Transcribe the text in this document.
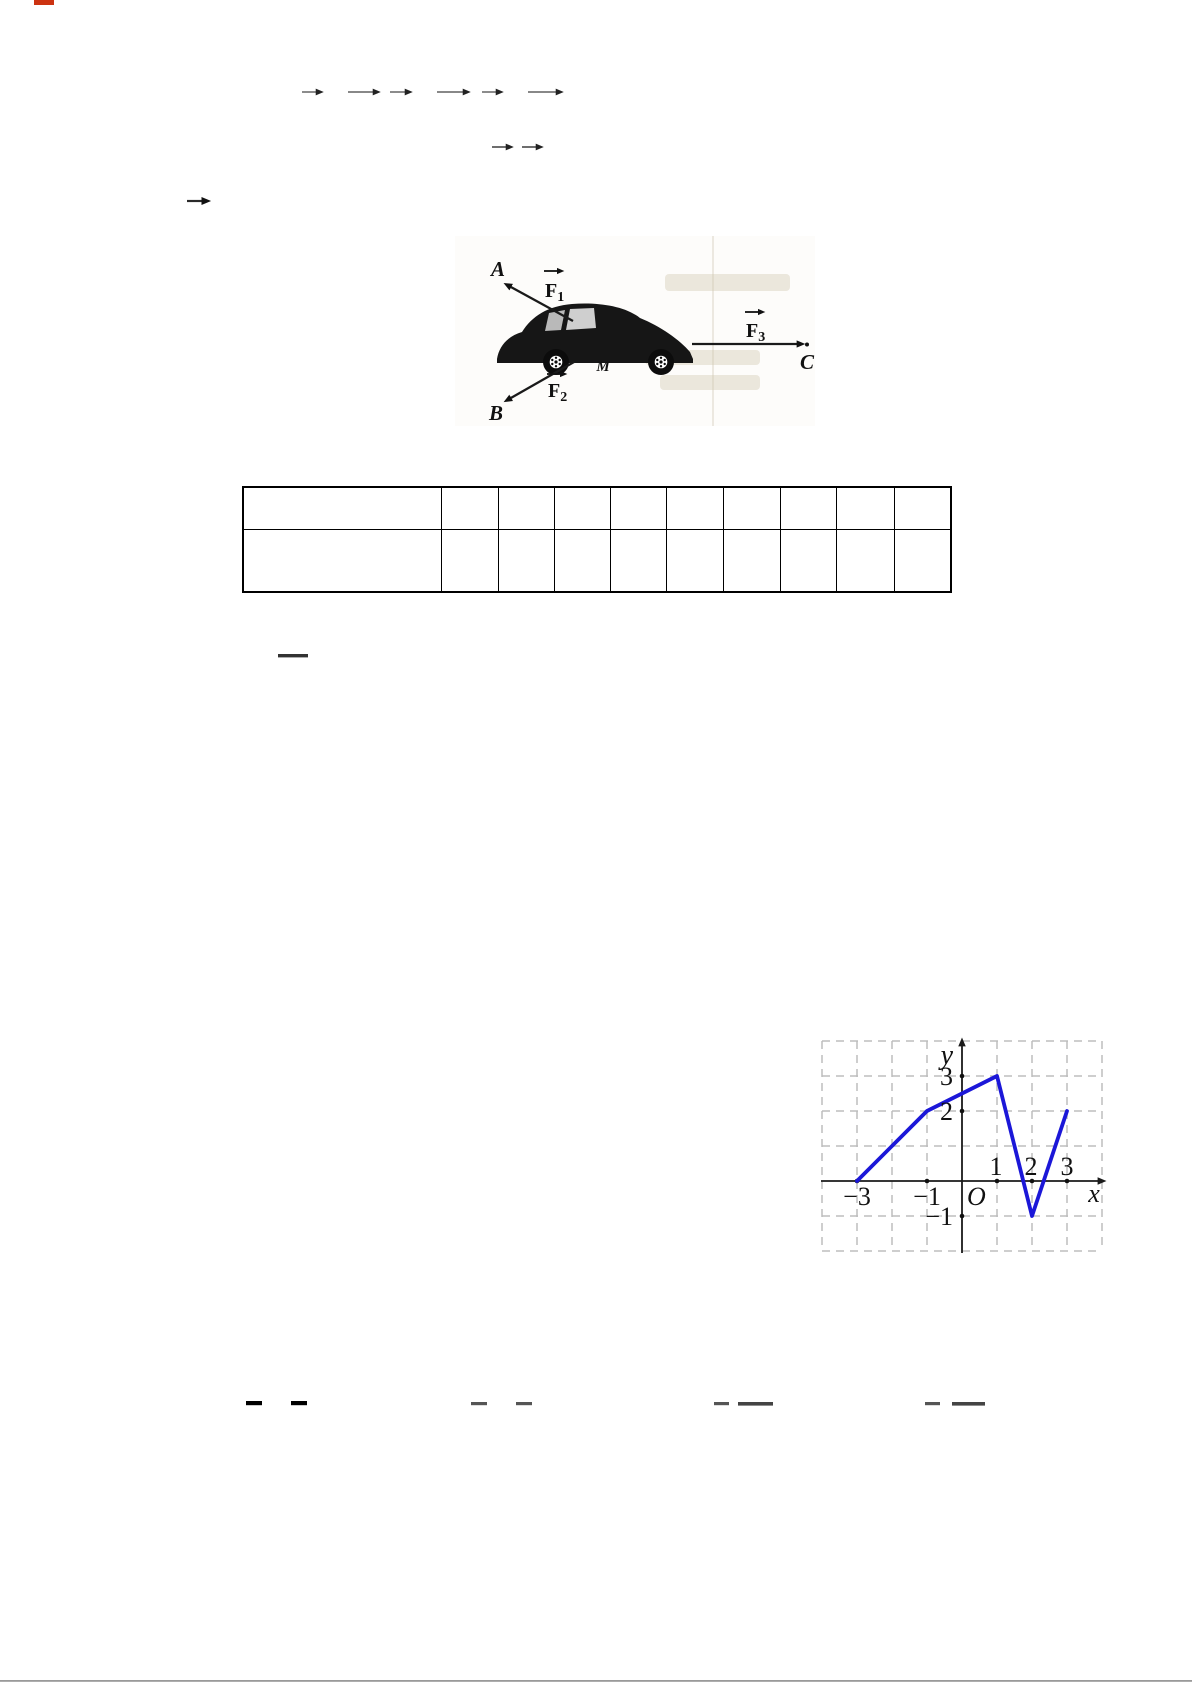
A
$F_1$
B
$F_2$
C
$F_3$
M

y
x
O
3
2
−1
−3 −1
1 2 3
